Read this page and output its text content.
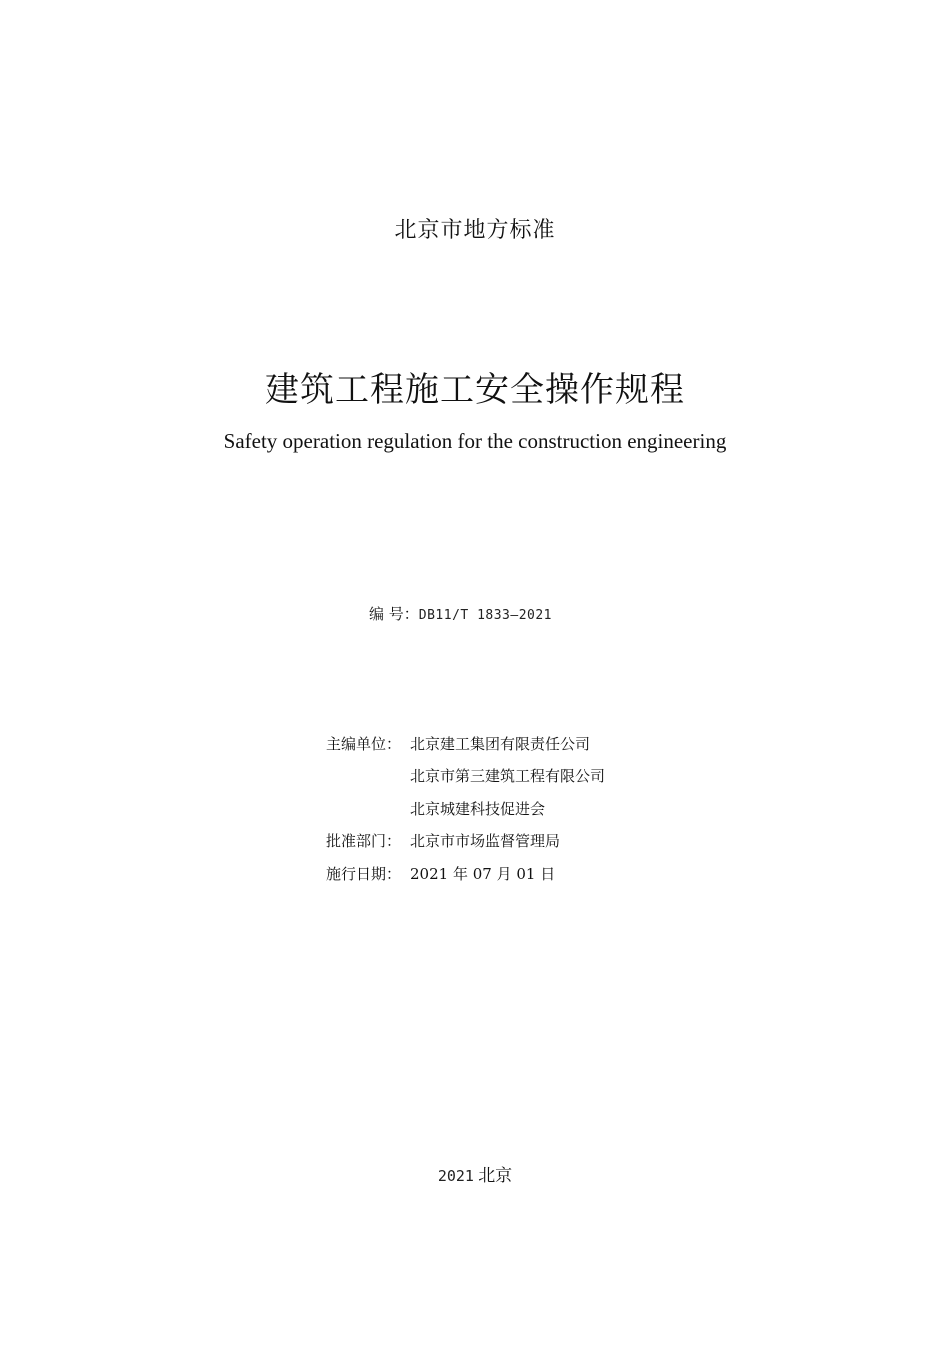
北京市地方标准
建筑工程施工安全操作规程
Safety operation regulation for the construction engineering
编 号：DB11/T 1833—2021
主编单位： 北京建工集团有限责任公司
北京市第三建筑工程有限公司
北京城建科技促进会
批准部门： 北京市市场监督管理局
施行日期： 2021 年 07 月 01 日
2021 北京
